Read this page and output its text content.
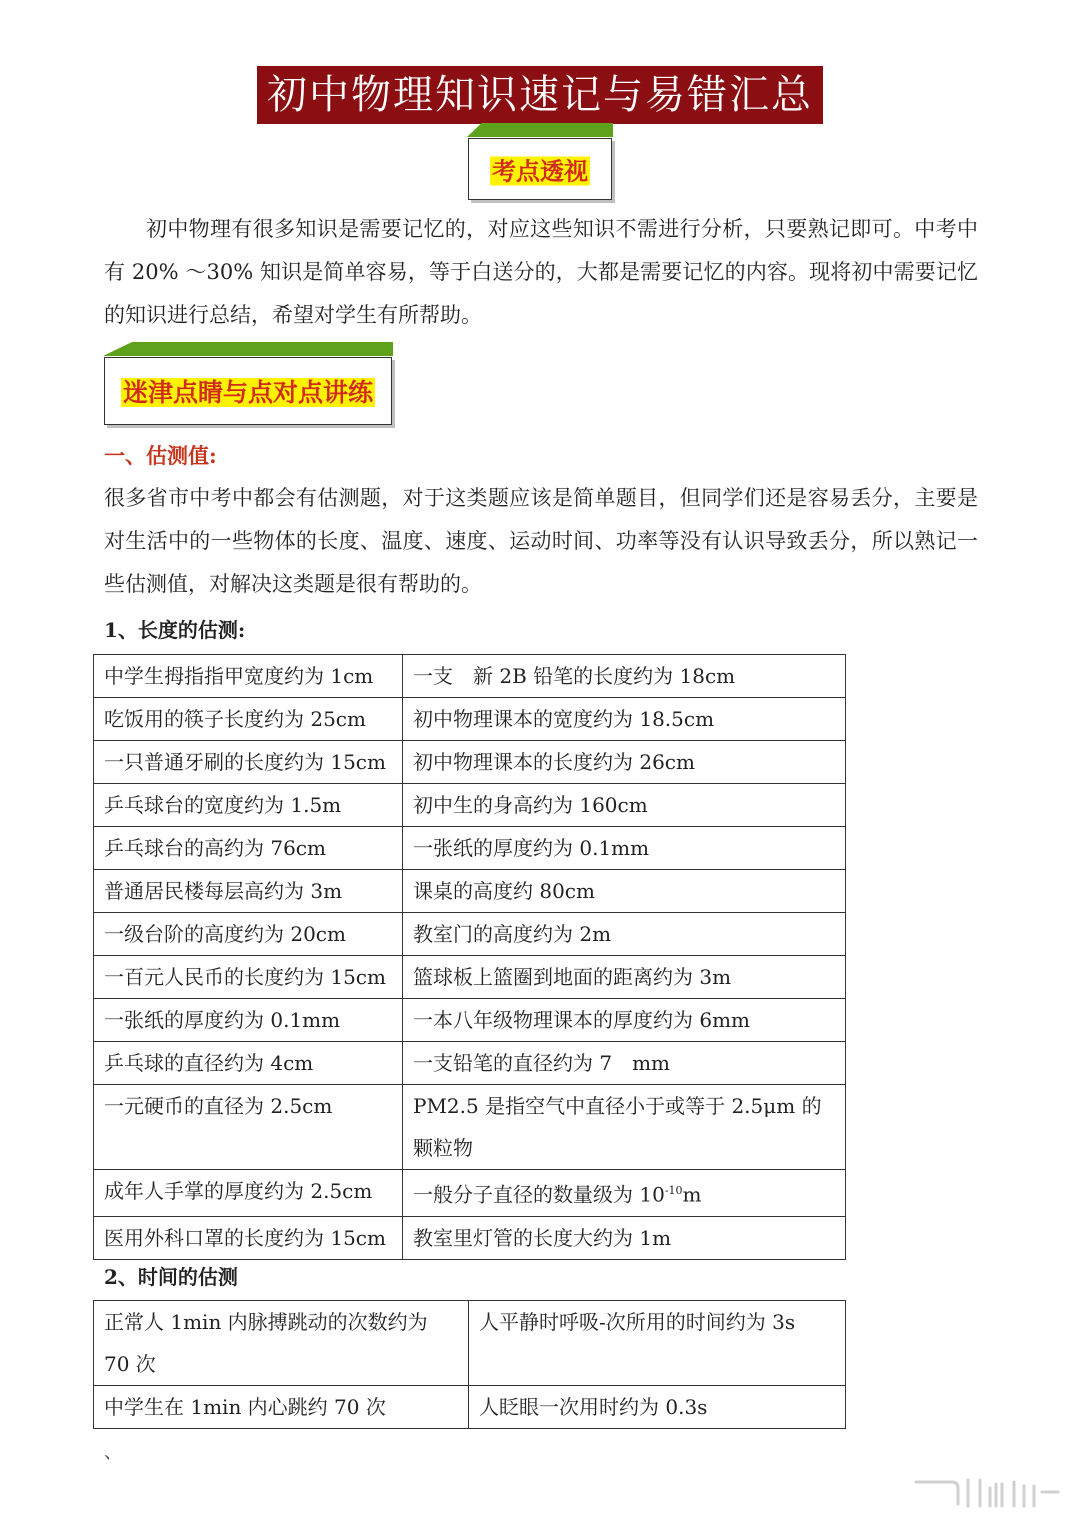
初中物理知识速记与易错汇总
考点透视

初中物理有很多知识是需要记忆的，对应这些知识不需进行分析，只要熟记即可。中考中有 20% ～30% 知识是简单容易，等于白送分的，大都是需要记忆的内容。现将初中需要记忆的知识进行总结，希望对学生有所帮助。

迷津点睛与点对点讲练

一、估测值:

很多省市中考中都会有估测题，对于这类题应该是简单题目，但同学们还是容易丢分，主要是对生活中的一些物体的长度、温度、速度、运动时间、功率等没有认识导致丢分，所以熟记一些估测值，对解决这类题是很有帮助的。

1、长度的估测:

中学生拇指指甲宽度约为 1cm	一支　新 2B 铅笔的长度约为 18cm
吃饭用的筷子长度约为 25cm	初中物理课本的宽度约为 18.5cm
一只普通牙刷的长度约为 15cm	初中物理课本的长度约为 26cm
乒乓球台的宽度约为 1.5m	初中生的身高约为 160cm
乒乓球台的高约为 76cm	一张纸的厚度约为 0.1mm
普通居民楼每层高约为 3m	课桌的高度约 80cm
一级台阶的高度约为 20cm	教室门的高度约为 2m
一百元人民币的长度约为 15cm	篮球板上篮圈到地面的距离约为 3m
一张纸的厚度约为 0.1mm	一本八年级物理课本的厚度约为 6mm
乒乓球的直径约为 4cm	一支铅笔的直径约为 7　mm
一元硬币的直径为 2.5cm	PM2.5 是指空气中直径小于或等于 2.5μm 的颗粒物
成年人手掌的厚度约为 2.5cm	一般分子直径的数量级为 $10^{-10}m$
医用外科口罩的长度约为 15cm	教室里灯管的长度大约为 1m

2、时间的估测

正常人 1min 内脉搏跳动的次数约为 70 次	人平静时呼吸-次所用的时间约为 3s
中学生在 1min 内心跳约 70 次	人眨眼一次用时约为 0.3s
、
